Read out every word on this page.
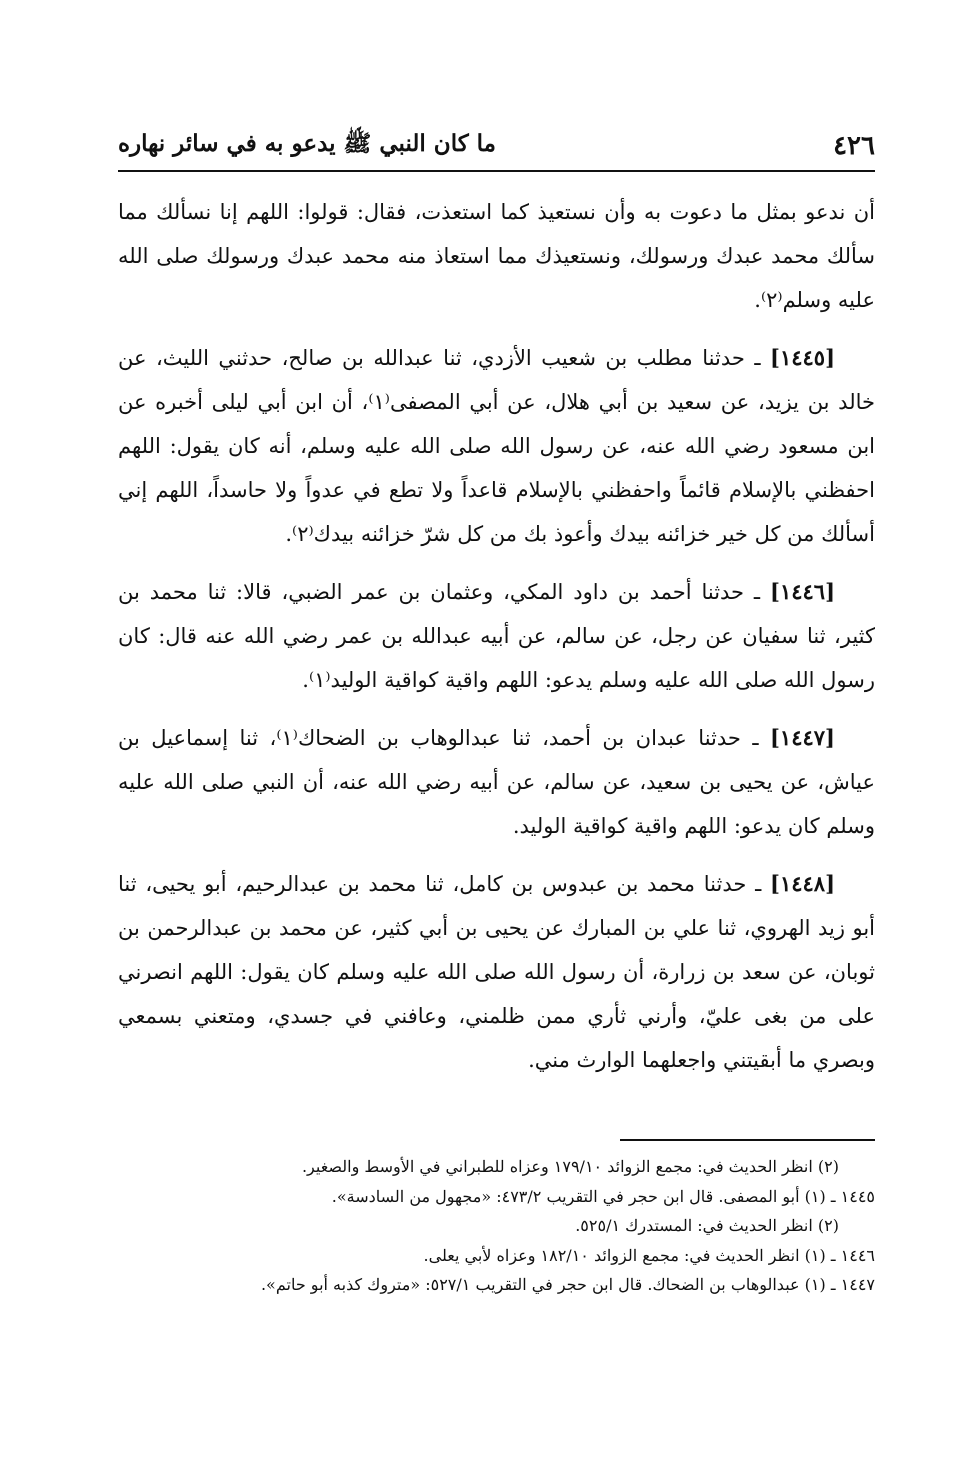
٤٢٦
ما كان النبي ﷺ يدعو به في سائر نهاره

أن ندعو بمثل ما دعوت به وأن نستعيذ كما استعذت، فقال: قولوا: اللهم إنا نسألك مما سألك محمد عبدك ورسولك، ونستعيذك مما استعاذ منه محمد عبدك ورسولك صلى الله عليه وسلم⁽٢⁾.

[١٤٤٥] ـ حدثنا مطلب بن شعيب الأزدي، ثنا عبدالله بن صالح، حدثني الليث، عن خالد بن يزيد، عن سعيد بن أبي هلال، عن أبي المصفى⁽١⁾، أن ابن أبي ليلى أخبره عن ابن مسعود رضي الله عنه، عن رسول الله صلى الله عليه وسلم، أنه كان يقول: اللهم احفظني بالإسلام قائماً واحفظني بالإسلام قاعداً ولا تطع في عدواً ولا حاسداً، اللهم إني أسألك من كل خير خزائنه بيدك وأعوذ بك من كل شرّ خزائنه بيدك⁽٢⁾.

[١٤٤٦] ـ حدثنا أحمد بن داود المكي، وعثمان بن عمر الضبي، قالا: ثنا محمد بن كثير، ثنا سفيان عن رجل، عن سالم، عن أبيه عبدالله بن عمر رضي الله عنه قال: كان رسول الله صلى الله عليه وسلم يدعو: اللهم واقية كواقية الوليد⁽١⁾.

[١٤٤٧] ـ حدثنا عبدان بن أحمد، ثنا عبدالوهاب بن الضحاك⁽١⁾، ثنا إسماعيل بن عياش، عن يحيى بن سعيد، عن سالم، عن أبيه رضي الله عنه، أن النبي صلى الله عليه وسلم كان يدعو: اللهم واقية كواقية الوليد.

[١٤٤٨] ـ حدثنا محمد بن عبدوس بن كامل، ثنا محمد بن عبدالرحيم، أبو يحيى، ثنا أبو زيد الهروي، ثنا علي بن المبارك عن يحيى بن أبي كثير، عن محمد بن عبدالرحمن بن ثوبان، عن سعد بن زرارة، أن رسول الله صلى الله عليه وسلم كان يقول: اللهم انصرني على من بغى عليّ، وأرني ثأري ممن ظلمني، وعافني في جسدي، ومتعني بسمعي وبصري ما أبقيتني واجعلهما الوارث مني.

(٢) انظر الحديث في: مجمع الزوائد ١٧٩/١٠ وعزاه للطبراني في الأوسط والصغير.
١٤٤٥ ـ (١) أبو المصفى. قال ابن حجر في التقريب ٤٧٣/٢: «مجهول من السادسة».
(٢) انظر الحديث في: المستدرك ٥٢٥/١.
١٤٤٦ ـ (١) انظر الحديث في: مجمع الزوائد ١٨٢/١٠ وعزاه لأبي يعلى.
١٤٤٧ ـ (١) عبدالوهاب بن الضحاك. قال ابن حجر في التقريب ٥٢٧/١: «متروك كذبه أبو حاتم».
